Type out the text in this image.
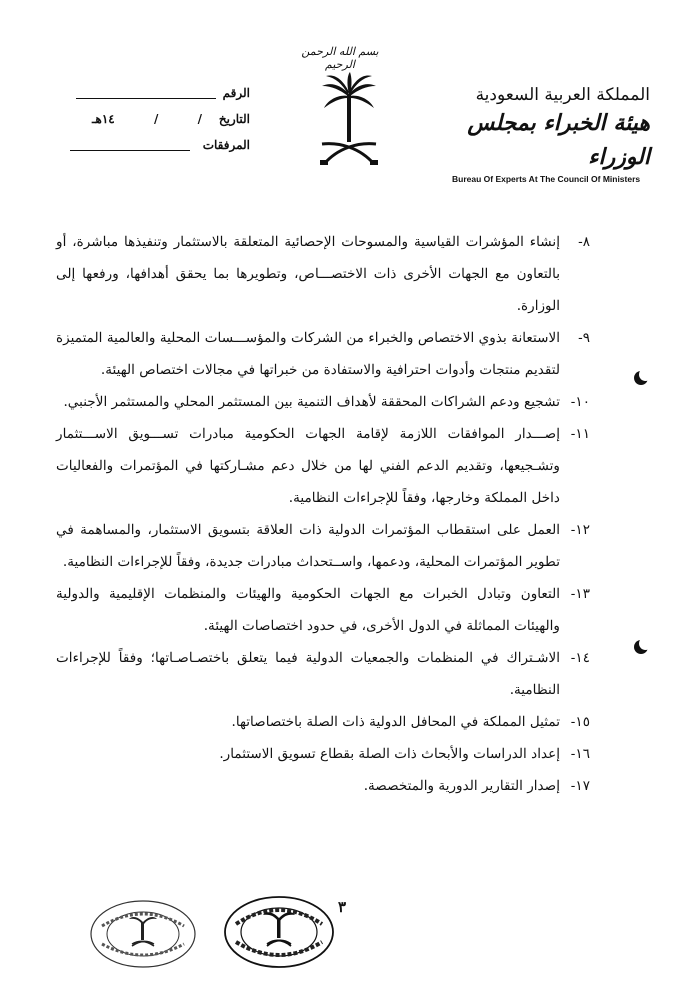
الرقم
التاريخ
/
/
١٤هـ
المرفقات
بسم الله الرحمن الرحيم
المملكة العربية السعودية
هيئة الخبراء بمجلس الوزراء
Bureau Of Experts At The Council Of Ministers
٨-
إنشاء المؤشرات القياسية والمسوحات الإحصائية المتعلقة بالاستثمار وتنفيذها مباشرة، أو بالتعاون مع الجهات الأخرى ذات الاختصـــاص، وتطويرها بما يحقق أهدافها، ورفعها إلى الوزارة.
٩-
الاستعانة بذوي الاختصاص والخبراء من الشركات والمؤســـسات المحلية والعالمية المتميزة لتقديم منتجات وأدوات احترافية والاستفادة من خبراتها في مجالات اختصاص الهيئة.
١٠-
تشجيع ودعم الشراكات المحققة لأهداف التنمية بين المستثمر المحلي والمستثمر الأجنبي.
١١-
إصـــدار الموافقات اللازمة لإقامة الجهات الحكومية مبادرات تســـويق الاســـتثمار وتشـجيعها، وتقديم الدعم الفني لها من خلال دعم مشـاركتها في المؤتمرات والفعاليات داخل المملكة وخارجها، وفقاً للإجراءات النظامية.
١٢-
العمل على استقطاب المؤتمرات الدولية ذات العلاقة بتسويق الاستثمار، والمساهمة في تطوير المؤتمرات المحلية، ودعمها، واســتحداث مبادرات جديدة، وفقاً للإجراءات النظامية.
١٣-
التعاون وتبادل الخبرات مع الجهات الحكومية والهيئات والمنظمات الإقليمية والدولية والهيئات المماثلة في الدول الأخرى، في حدود اختصاصات الهيئة.
١٤-
الاشـتراك في المنظمات والجمعيات الدولية فيما يتعلق باختصـاصـاتها؛ وفقاً للإجراءات النظامية.
١٥-
تمثيل المملكة في المحافل الدولية ذات الصلة باختصاصاتها.
١٦-
إعداد الدراسات والأبحاث ذات الصلة بقطاع تسويق الاستثمار.
١٧-
إصدار التقارير الدورية والمتخصصة.
٣
